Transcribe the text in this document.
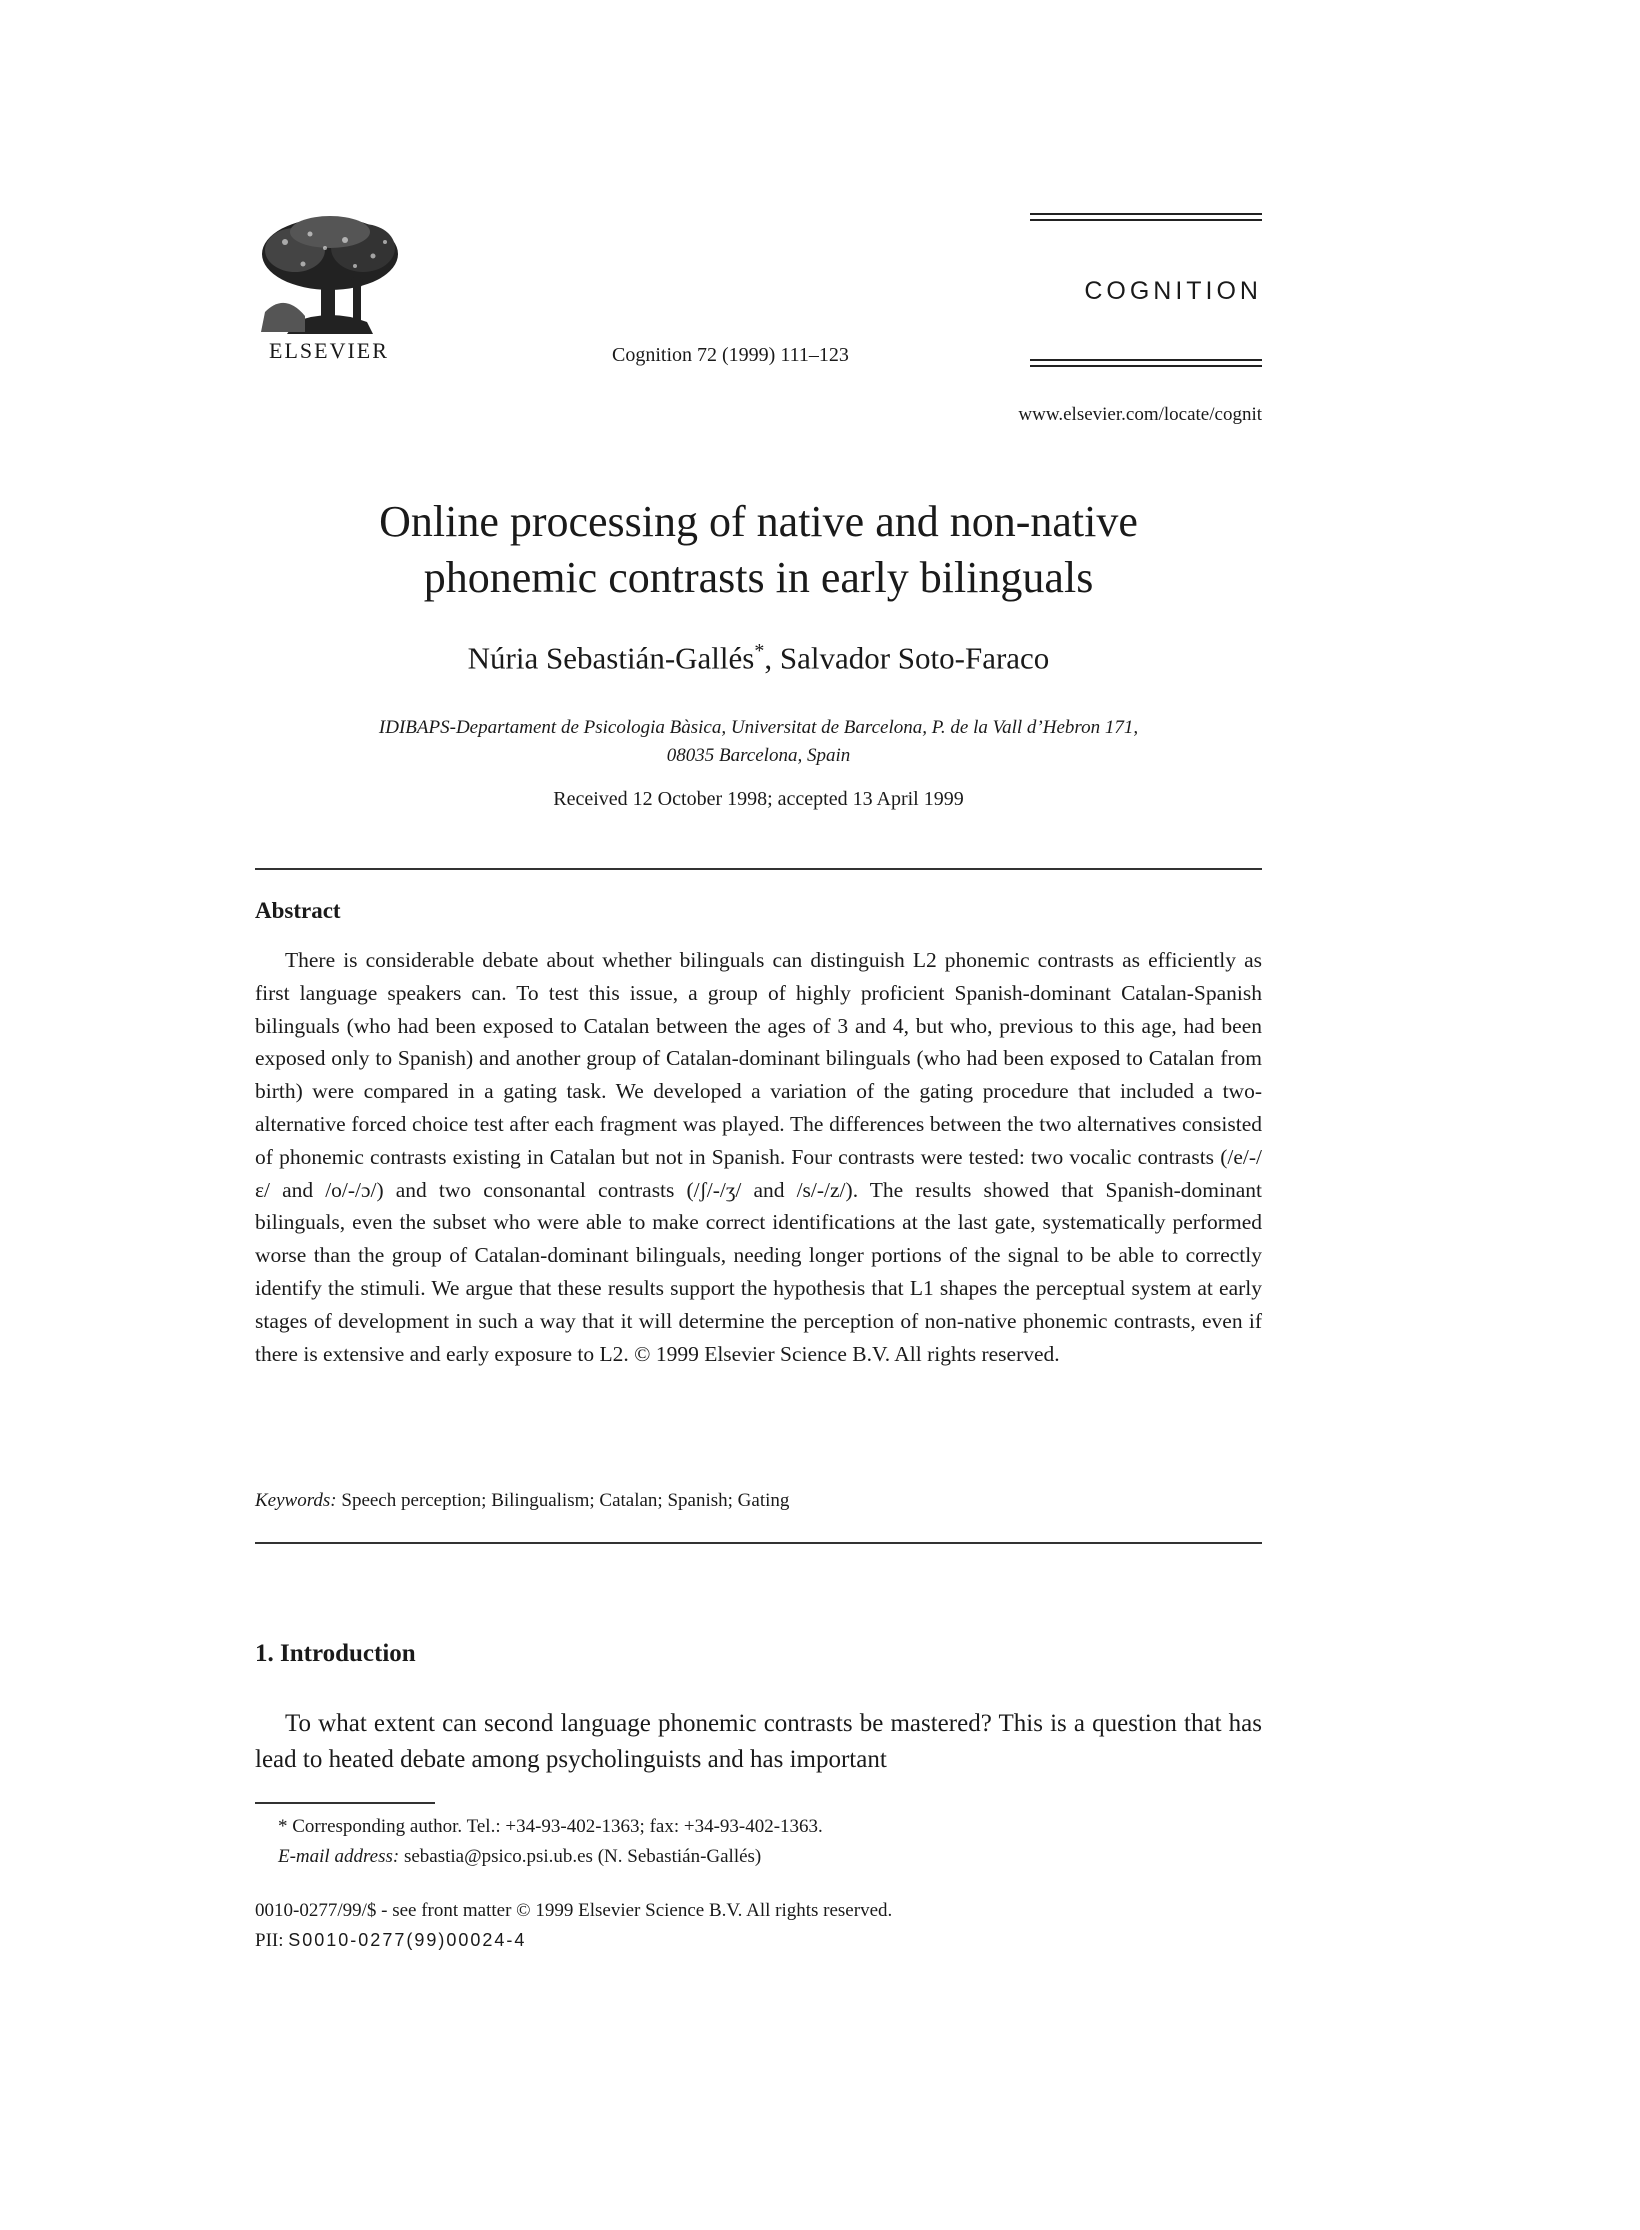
ELSEVIER	Cognition 72 (1999) 111–123
COGNITION
www.elsevier.com/locate/cognit
Online processing of native and non-native
phonemic contrasts in early bilinguals
Núria Sebastián-Gallés*, Salvador Soto-Faraco
IDIBAPS-Departament de Psicologia Bàsica, Universitat de Barcelona, P. de la Vall d’Hebron 171,
08035 Barcelona, Spain
Received 12 October 1998; accepted 13 April 1999
Abstract
There is considerable debate about whether bilinguals can distinguish L2 phonemic contrasts as efficiently as first language speakers can. To test this issue, a group of highly proficient Spanish-dominant Catalan-Spanish bilinguals (who had been exposed to Catalan between the ages of 3 and 4, but who, previous to this age, had been exposed only to Spanish) and another group of Catalan-dominant bilinguals (who had been exposed to Catalan from birth) were compared in a gating task. We developed a variation of the gating procedure that included a two-alternative forced choice test after each fragment was played. The differences between the two alternatives consisted of phonemic contrasts existing in Catalan but not in Spanish. Four contrasts were tested: two vocalic contrasts (/e/-/ɛ/ and /o/-/ɔ/) and two consonantal contrasts (/ʃ/-/ʒ/ and /s/-/z/). The results showed that Spanish-dominant bilinguals, even the subset who were able to make correct identifications at the last gate, systematically performed worse than the group of Catalan-dominant bilinguals, needing longer portions of the signal to be able to correctly identify the stimuli. We argue that these results support the hypothesis that L1 shapes the perceptual system at early stages of development in such a way that it will determine the perception of non-native phonemic contrasts, even if there is extensive and early exposure to L2. © 1999 Elsevier Science B.V. All rights reserved.
Keywords: Speech perception; Bilingualism; Catalan; Spanish; Gating
1. Introduction
To what extent can second language phonemic contrasts be mastered? This is a question that has lead to heated debate among psycholinguists and has important
* Corresponding author. Tel.: +34-93-402-1363; fax: +34-93-402-1363.
E-mail address: sebastia@psico.psi.ub.es (N. Sebastián-Gallés)
0010-0277/99/$ - see front matter © 1999 Elsevier Science B.V. All rights reserved.
PII: S0010-0277(99)00024-4
